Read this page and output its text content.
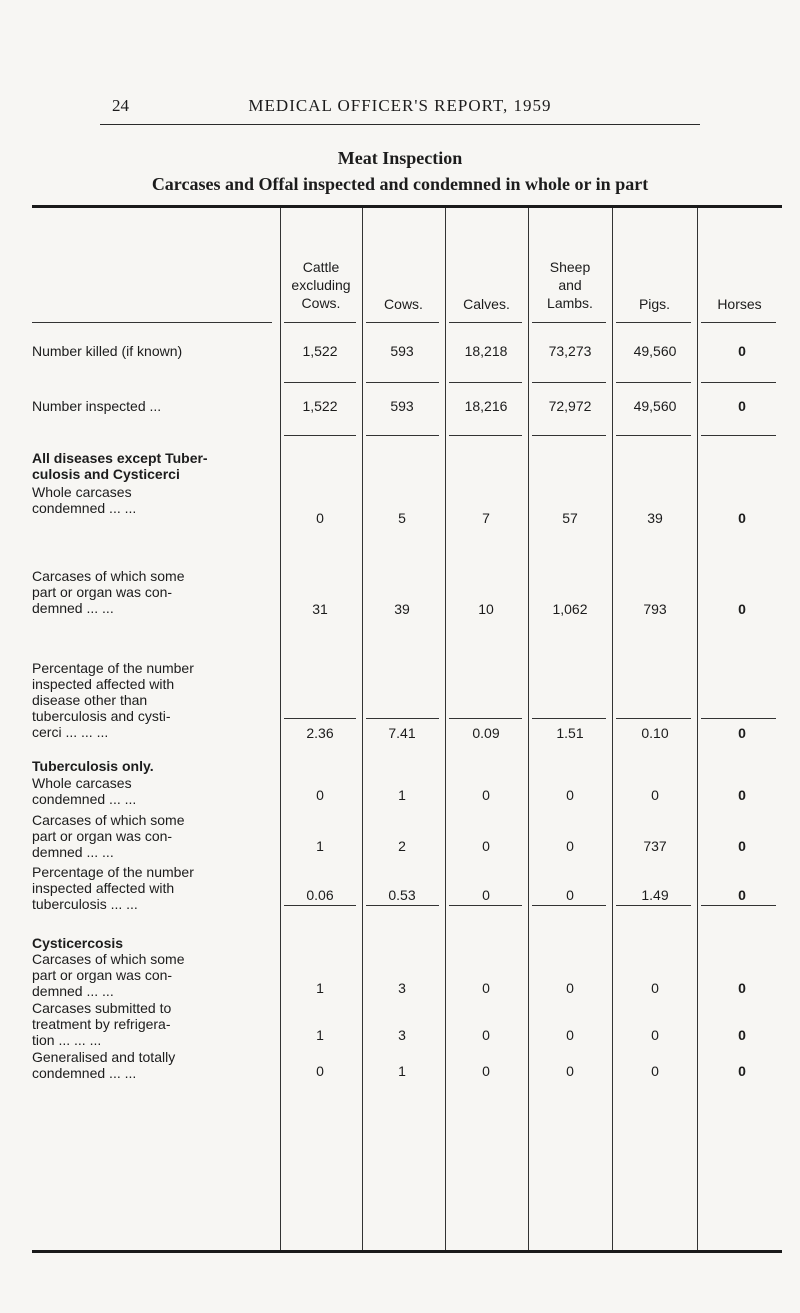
24	MEDICAL OFFICER'S REPORT, 1959
Meat Inspection
Carcases and Offal inspected and condemned in whole or in part
Cattle
excluding
Cows.	Cows.	Calves.
Sheep
and
Lambs.	Pigs.	Horses
Number killed (if known)	1,522	593	18,218	73,273	49,560	0
Number inspected ...	1,522	593	18,216	72,972	49,560	0
All diseases except Tuber-
culosis and Cysticerci
Whole carcases
condemned ... ...
0	5	7	57	39	0
Carcases of which some
part or organ was con-
demned ... ...	31	39	10	1,062	793	0
Percentage of the number
inspected affected with
disease other than
tuberculosis and cysti-
cerci ... ... ...	2.36	7.41	0.09	1.51	0.10	0
Tuberculosis only.
Whole carcases
condemned ... ...	0	1	0	0	0	0
Carcases of which some
part or organ was con-
demned ... ...	1	2	0	0	737	0
Percentage of the number
inspected affected with
tuberculosis ... ...
0.06	0.53	0	0	1.49	0
Cysticercosis
Carcases of which some
part or organ was con-
demned ... ...	1	3	0	0	0	0
Carcases submitted to
treatment by refrigera-
tion ... ... ...	1	3	0	0	0	0
Generalised and totally
condemned ... ...	0	1	0	0	0	0
